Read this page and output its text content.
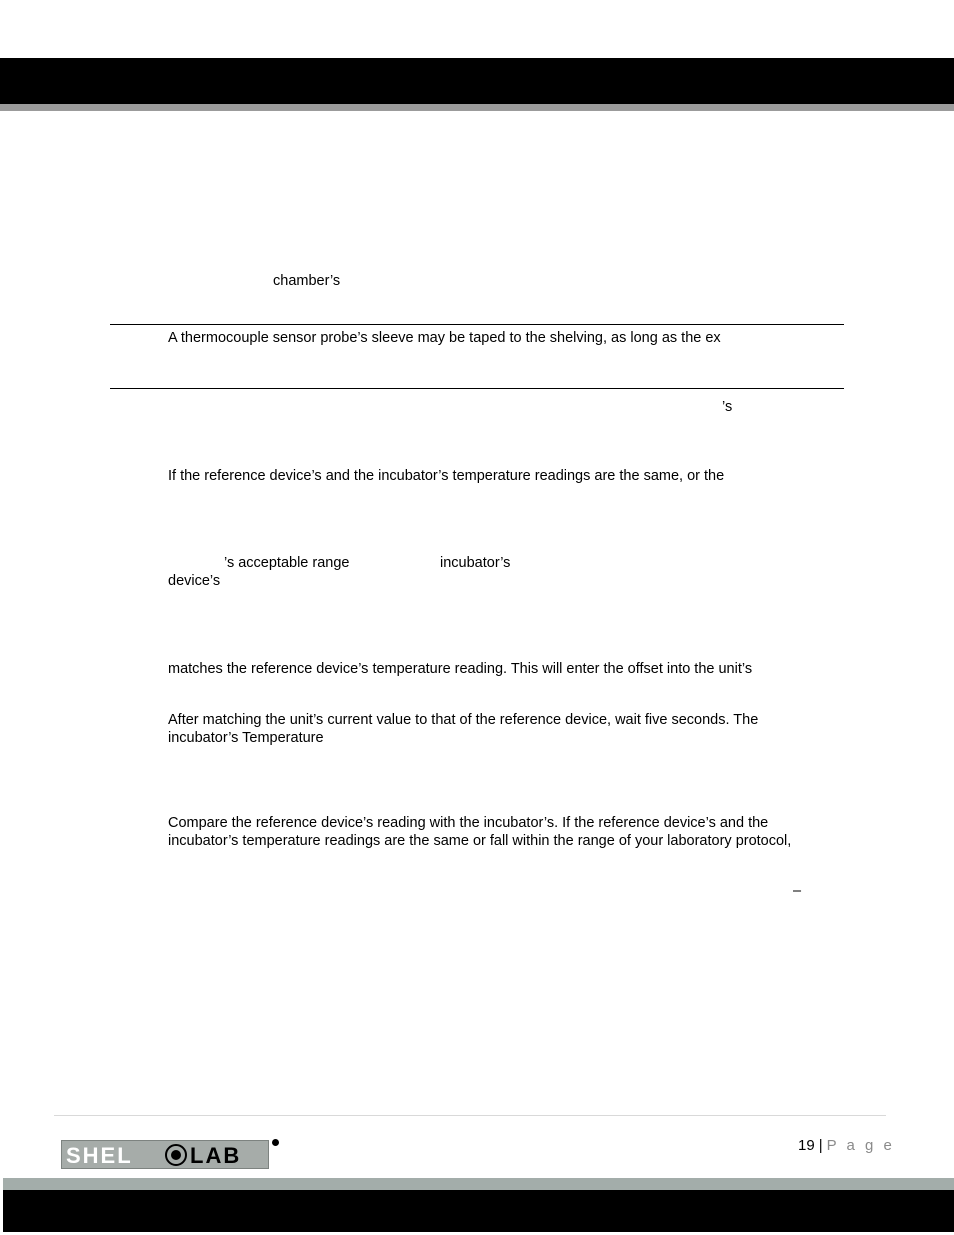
chamber’s
A thermocouple sensor probe’s sleeve may be taped to the shelving, as long as the ex
’s
If the reference device’s and the incubator’s temperature readings are the same, or the
’s acceptable range	incubator’s
device’s
matches the reference device’s temperature reading. This will enter the offset into the unit’s
After matching the unit’s current value to that of the reference device, wait five seconds. The
incubator’s Temperature
Compare the reference device’s reading with the incubator’s. If the reference device’s and the
incubator’s temperature readings are the same or fall within the range of your laboratory protocol,
–
SHEL	LAB	19 | P a g e
